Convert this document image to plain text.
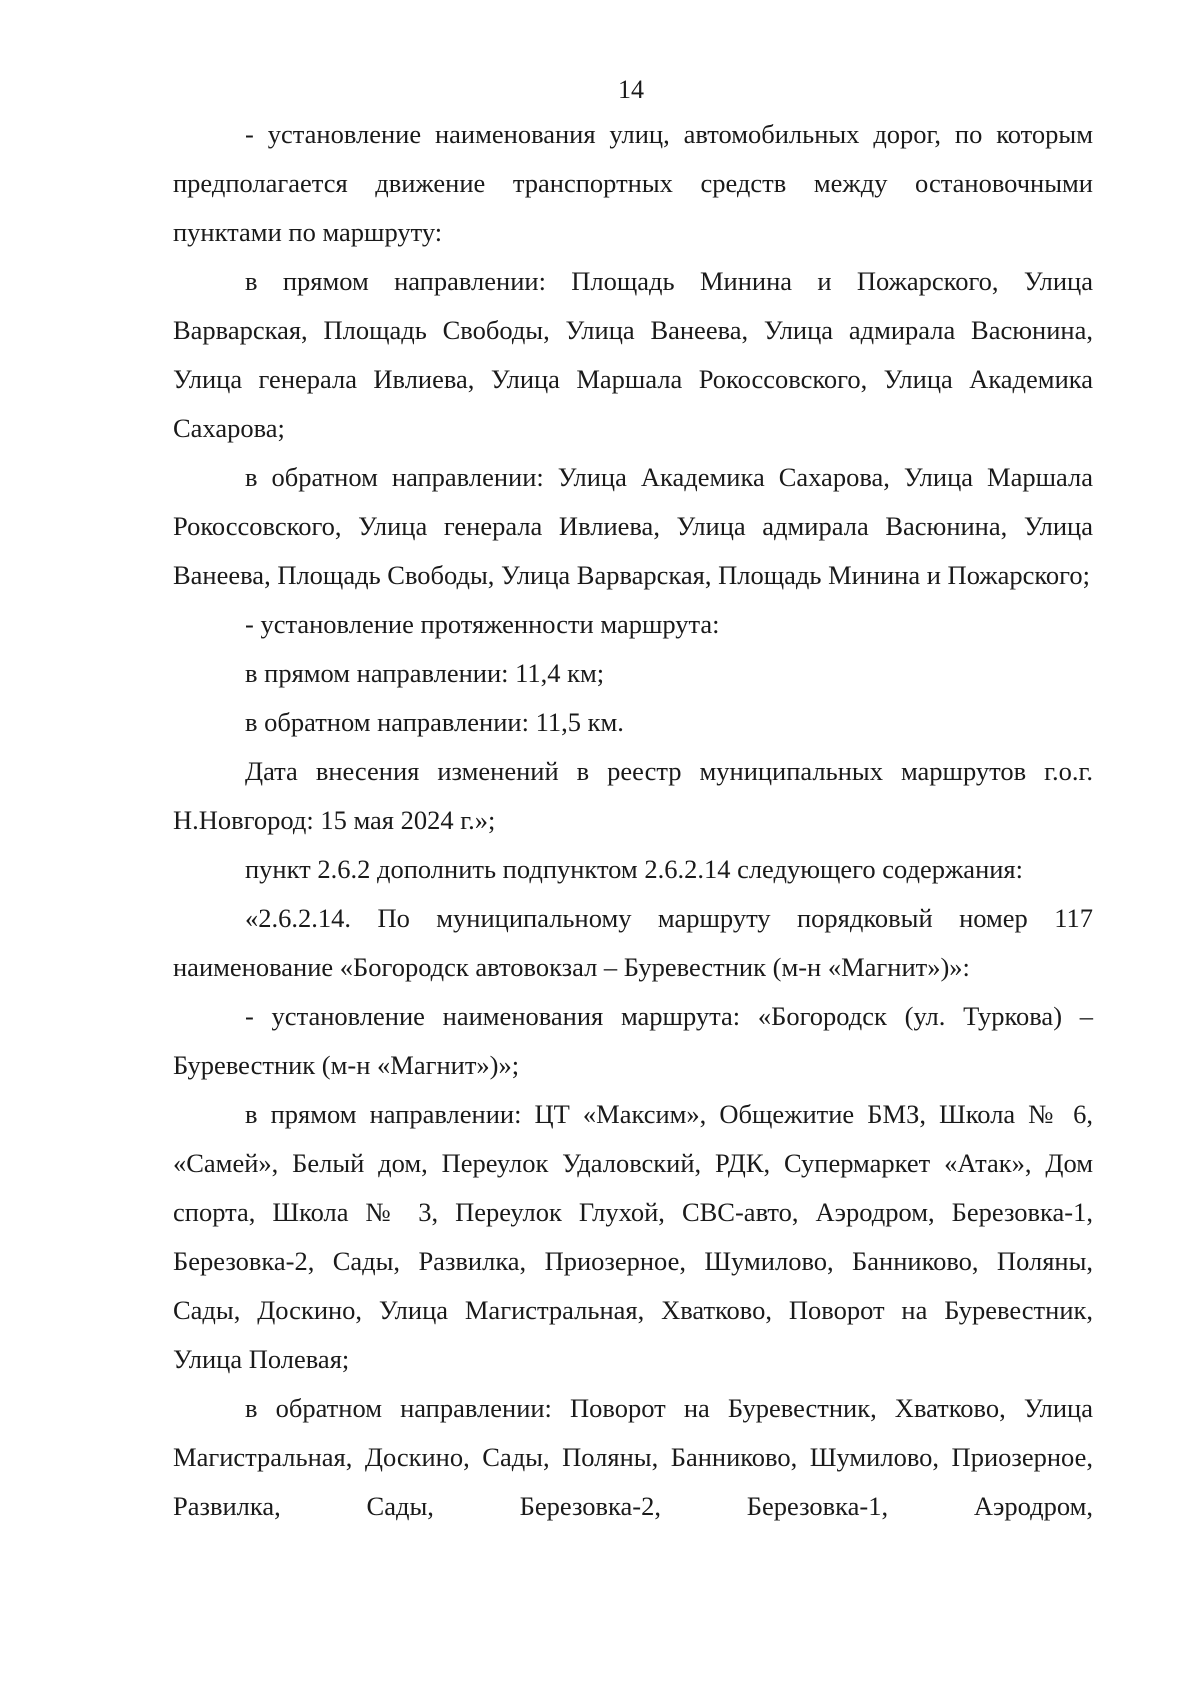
14

- установление наименования улиц, автомобильных дорог, по которым предполагается движение транспортных средств между остановочными пунктами по маршруту:

в прямом направлении: Площадь Минина и Пожарского, Улица Варварская, Площадь Свободы, Улица Ванеева, Улица адмирала Васюнина, Улица генерала Ивлиева, Улица Маршала Рокоссовского, Улица Академика Сахарова;

в обратном направлении: Улица Академика Сахарова, Улица Маршала Рокоссовского, Улица генерала Ивлиева, Улица адмирала Васюнина, Улица Ванеева, Площадь Свободы, Улица Варварская, Площадь Минина и Пожарского;

- установление протяженности маршрута:

в прямом направлении: 11,4 км;

в обратном направлении: 11,5 км.

Дата внесения изменений в реестр муниципальных маршрутов г.о.г. Н.Новгород: 15 мая 2024 г.»;

пункт 2.6.2 дополнить подпунктом 2.6.2.14 следующего содержания:

«2.6.2.14. По муниципальному маршруту порядковый номер 117 наименование «Богородск автовокзал – Буревестник (м-н «Магнит»)»:

- установление наименования маршрута: «Богородск (ул. Туркова) – Буревестник (м-н «Магнит»)»;

в прямом направлении: ЦТ «Максим», Общежитие БМЗ, Школа № 6, «Самей», Белый дом, Переулок Удаловский, РДК, Супермаркет «Атак», Дом спорта, Школа № 3, Переулок Глухой, СВС-авто, Аэродром, Березовка-1, Березовка-2, Сады, Развилка, Приозерное, Шумилово, Банниково, Поляны, Сады, Доскино, Улица Магистральная, Хватково, Поворот на Буревестник, Улица Полевая;

в обратном направлении: Поворот на Буревестник, Хватково, Улица Магистральная, Доскино, Сады, Поляны, Банниково, Шумилово, Приозерное, Развилка, Сады, Березовка-2, Березовка-1, Аэродром,
